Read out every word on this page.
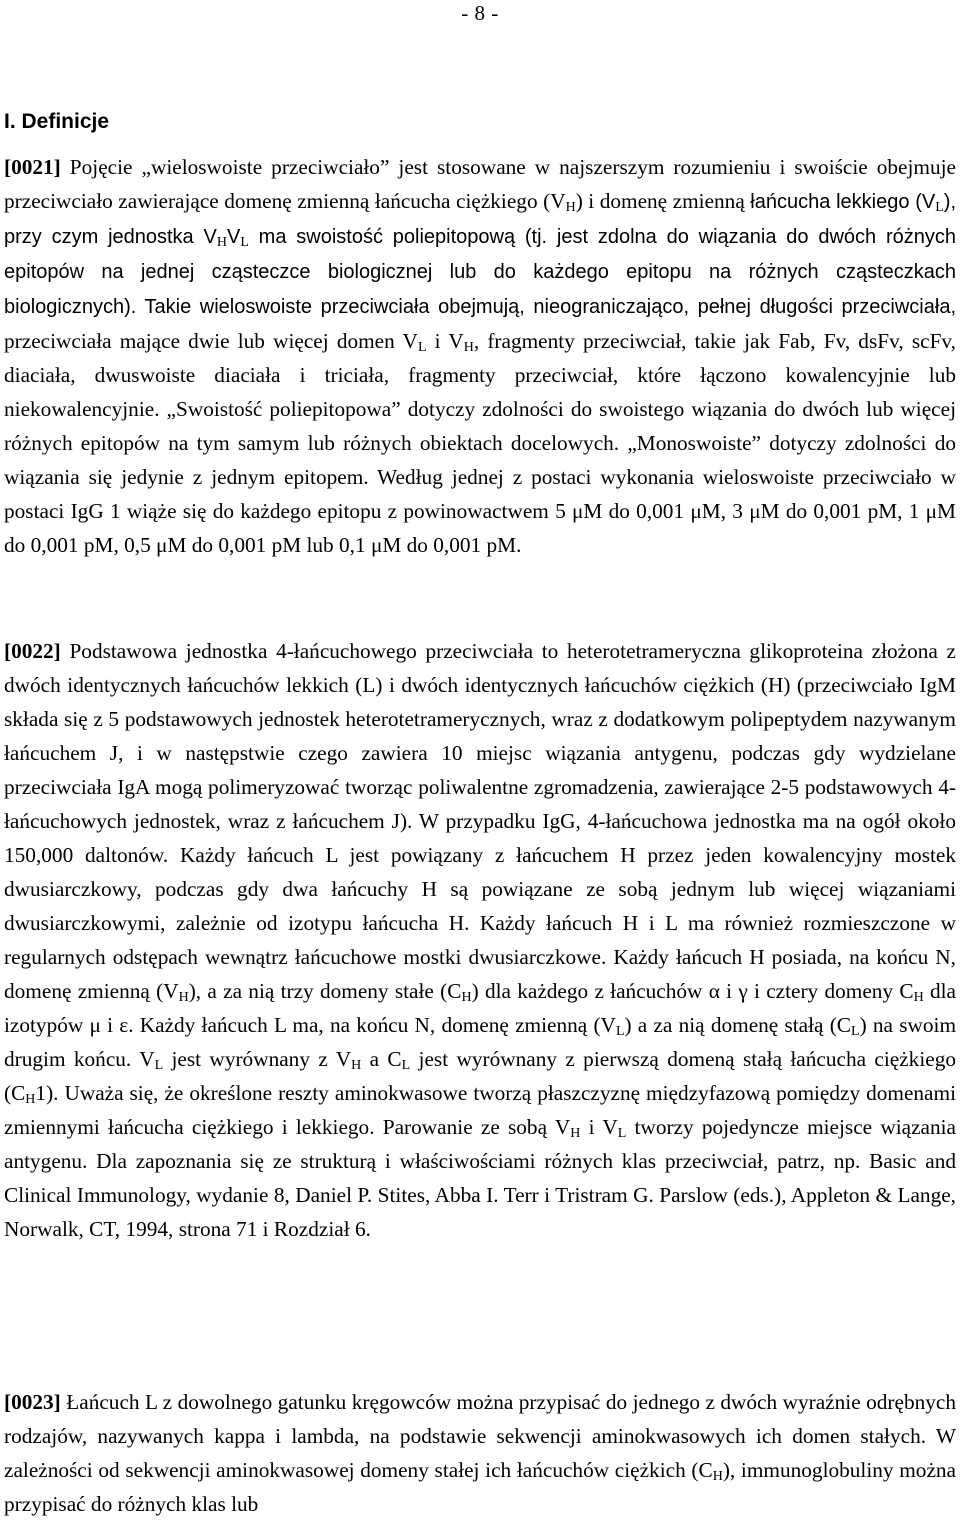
- 8 -
I. Definicje

[0021] Pojęcie „wieloswoiste przeciwciało” jest stosowane w najszerszym rozumieniu i swoiście obejmuje przeciwciało zawierające domenę zmienną łańcucha ciężkiego $(V_H)$ i domenę zmienną łańcucha lekkiego $(V_L)$, przy czym jednostka $V_HV_L$ ma swoistość poliepitopową (tj. jest zdolna do wiązania do dwóch różnych epitopów na jednej cząsteczce biologicznej lub do każdego epitopu na różnych cząsteczkach biologicznych). Takie wieloswoiste przeciwciała obejmują, nieograniczająco, pełnej długości przeciwciała, przeciwciała mające dwie lub więcej domen $V_L$ i $V_H$, fragmenty przeciwciał, takie jak Fab, Fv, dsFv, scFv, diaciała, dwuswoiste diaciała i triciała, fragmenty przeciwciał, które łączono kowalencyjnie lub niekowalencyjnie. „Swoistość poliepitopowa” dotyczy zdolności do swoistego wiązania do dwóch lub więcej różnych epitopów na tym samym lub różnych obiektach docelowych. „Monoswoiste” dotyczy zdolności do wiązania się jedynie z jednym epitopem. Według jednej z postaci wykonania wieloswoiste przeciwciało w postaci IgG 1 wiąże się do każdego epitopu z powinowactwem 5 μM do 0,001 μM, 3 μM do 0,001 pM, 1 μM do 0,001 pM, 0,5 μM do 0,001 pM lub 0,1 μM do 0,001 pM.

[0022] Podstawowa jednostka 4-łańcuchowego przeciwciała to heterotetrameryczna glikoproteina złożona z dwóch identycznych łańcuchów lekkich (L) i dwóch identycznych łańcuchów ciężkich (H) (przeciwciało IgM składa się z 5 podstawowych jednostek heterotetramerycznych, wraz z dodatkowym polipeptydem nazywanym łańcuchem J, i w następstwie czego zawiera 10 miejsc wiązania antygenu, podczas gdy wydzielane przeciwciała IgA mogą polimeryzować tworząc poliwalentne zgromadzenia, zawierające 2-5 podstawowych 4-łańcuchowych jednostek, wraz z łańcuchem J). W przypadku IgG, 4-łańcuchowa jednostka ma na ogół około 150,000 daltonów. Każdy łańcuch L jest powiązany z łańcuchem H przez jeden kowalencyjny mostek dwusiarczkowy, podczas gdy dwa łańcuchy H są powiązane ze sobą jednym lub więcej wiązaniami dwusiarczkowymi, zależnie od izotypu łańcucha H. Każdy łańcuch H i L ma również rozmieszczone w regularnych odstępach wewnątrz łańcuchowe mostki dwusiarczkowe. Każdy łańcuch H posiada, na końcu N, domenę zmienną $(V_H)$, a za nią trzy domeny stałe $(C_H)$ dla każdego z łańcuchów α i γ i cztery domeny $C_H$ dla izotypów μ i ε. Każdy łańcuch L ma, na końcu N, domenę zmienną $(V_L)$ a za nią domenę stałą $(C_L)$ na swoim drugim końcu. $V_L$ jest wyrównany z $V_H$ a $C_L$ jest wyrównany z pierwszą domeną stałą łańcucha ciężkiego $(C_H1)$. Uważa się, że określone reszty aminokwasowe tworzą płaszczyznę międzyfazową pomiędzy domenami zmiennymi łańcucha ciężkiego i lekkiego. Parowanie ze sobą $V_H$ i $V_L$ tworzy pojedyncze miejsce wiązania antygenu. Dla zapoznania się ze strukturą i właściwościami różnych klas przeciwciał, patrz, np. Basic and Clinical Immunology, wydanie 8, Daniel P. Stites, Abba I. Terr i Tristram G. Parslow (eds.), Appleton & Lange, Norwalk, CT, 1994, strona 71 i Rozdział 6.

[0023] Łańcuch L z dowolnego gatunku kręgowców można przypisać do jednego z dwóch wyraźnie odrębnych rodzajów, nazywanych kappa i lambda, na podstawie sekwencji aminokwasowych ich domen stałych. W zależności od sekwencji aminokwasowej domeny stałej ich łańcuchów ciężkich $(C_H)$, immunoglobuliny można przypisać do różnych klas lub
